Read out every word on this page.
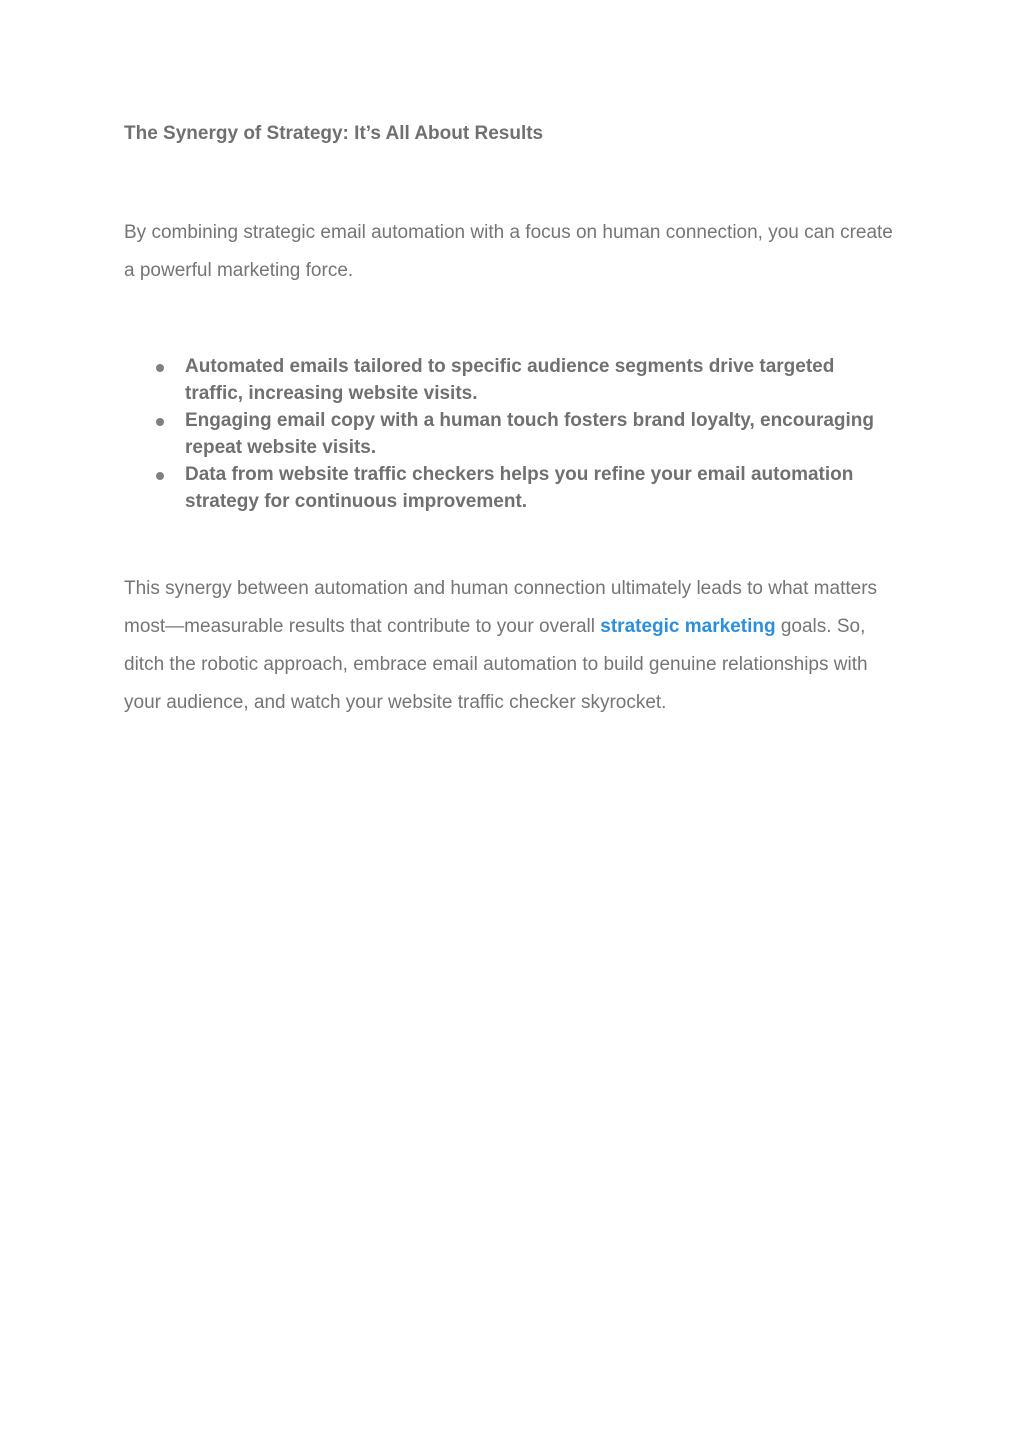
The Synergy of Strategy: It’s All About Results

By combining strategic email automation with a focus on human connection, you can create a powerful marketing force.

Automated emails tailored to specific audience segments drive targeted traffic, increasing website visits.
Engaging email copy with a human touch fosters brand loyalty, encouraging repeat website visits.
Data from website traffic checkers helps you refine your email automation strategy for continuous improvement.

This synergy between automation and human connection ultimately leads to what matters most—measurable results that contribute to your overall strategic marketing goals. So, ditch the robotic approach, embrace email automation to build genuine relationships with your audience, and watch your website traffic checker skyrocket.
